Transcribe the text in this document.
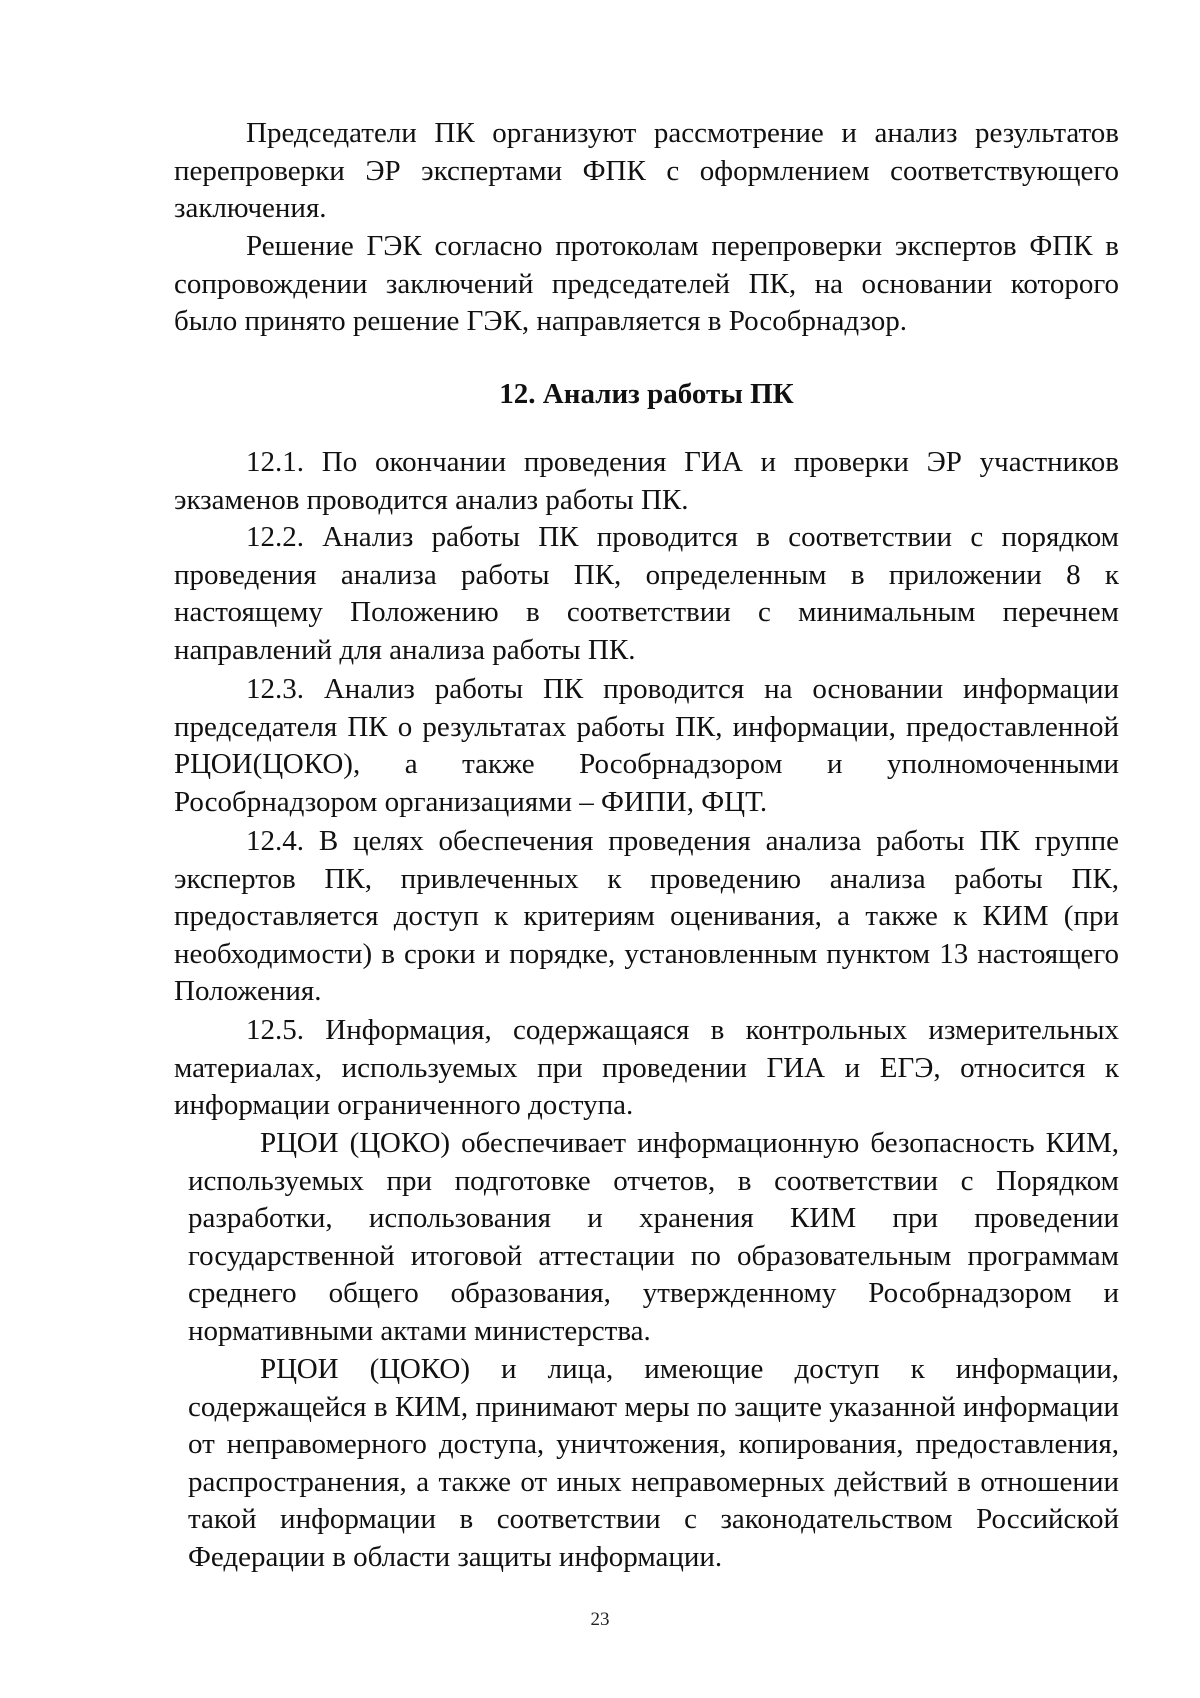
Председатели ПК организуют рассмотрение и анализ результатов перепроверки ЭР экспертами ФПК с оформлением соответствующего заключения.

Решение ГЭК согласно протоколам перепроверки экспертов ФПК в сопровождении заключений председателей ПК, на основании которого было принято решение ГЭК, направляется в Рособрнадзор.

12. Анализ работы ПК

12.1. По окончании проведения ГИА и проверки ЭР участников экзаменов проводится анализ работы ПК.

12.2. Анализ работы ПК проводится в соответствии с порядком проведения анализа работы ПК, определенным в приложении 8 к настоящему Положению в соответствии с минимальным перечнем направлений для анализа работы ПК.

12.3. Анализ работы ПК проводится на основании информации председателя ПК о результатах работы ПК, информации, предоставленной РЦОИ(ЦОКО), а также Рособрнадзором и уполномоченными Рособрнадзором организациями – ФИПИ, ФЦТ.

12.4. В целях обеспечения проведения анализа работы ПК группе экспертов ПК, привлеченных к проведению анализа работы ПК, предоставляется доступ к критериям оценивания, а также к КИМ (при необходимости) в сроки и порядке, установленным пунктом 13 настоящего Положения.

12.5. Информация, содержащаяся в контрольных измерительных материалах, используемых при проведении ГИА и ЕГЭ, относится к информации ограниченного доступа.

РЦОИ (ЦОКО) обеспечивает информационную безопасность КИМ, используемых при подготовке отчетов, в соответствии с Порядком разработки, использования и хранения КИМ при проведении государственной итоговой аттестации по образовательным программам среднего общего образования, утвержденному Рособрнадзором и нормативными актами министерства.

РЦОИ (ЦОКО) и лица, имеющие доступ к информации, содержащейся в КИМ, принимают меры по защите указанной информации от неправомерного доступа, уничтожения, копирования, предоставления, распространения, а также от иных неправомерных действий в отношении такой информации в соответствии с законодательством Российской Федерации в области защиты информации.

23
